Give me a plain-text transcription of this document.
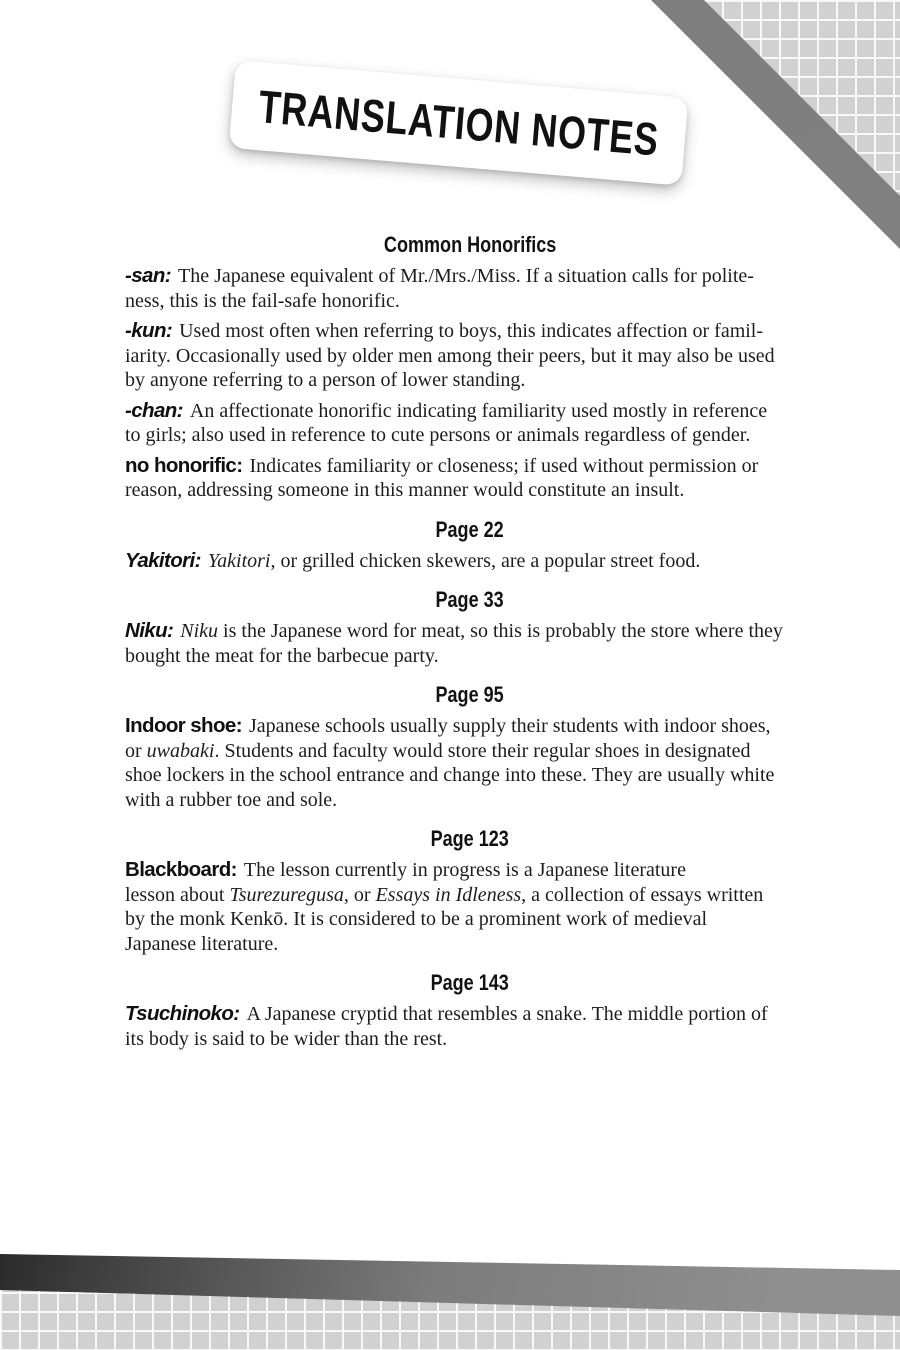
TRANSLATION NOTES
Common Honorifics

-san: The Japanese equivalent of Mr./Mrs./Miss. If a situation calls for polite-
ness, this is the fail-safe honorific.

-kun: Used most often when referring to boys, this indicates affection or famil-
iarity. Occasionally used by older men among their peers, but it may also be used
by anyone referring to a person of lower standing.

-chan: An affectionate honorific indicating familiarity used mostly in reference
to girls; also used in reference to cute persons or animals regardless of gender.

no honorific: Indicates familiarity or closeness; if used without permission or
reason, addressing someone in this manner would constitute an insult.

Page 22

Yakitori: Yakitori, or grilled chicken skewers, are a popular street food.

Page 33

Niku: Niku is the Japanese word for meat, so this is probably the store where they
bought the meat for the barbecue party.

Page 95

Indoor shoe: Japanese schools usually supply their students with indoor shoes,
or uwabaki. Students and faculty would store their regular shoes in designated
shoe lockers in the school entrance and change into these. They are usually white
with a rubber toe and sole.

Page 123

Blackboard: The lesson currently in progress is a Japanese literature
lesson about Tsurezuregusa, or Essays in Idleness, a collection of essays written
by the monk Kenkō. It is considered to be a prominent work of medieval
Japanese literature.

Page 143

Tsuchinoko: A Japanese cryptid that resembles a snake. The middle portion of
its body is said to be wider than the rest.
